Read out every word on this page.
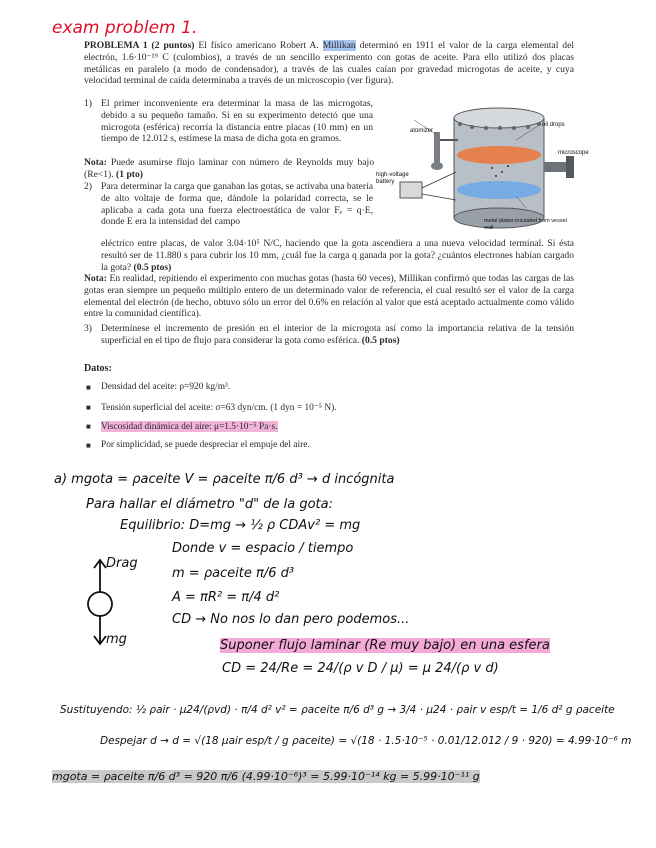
exam problem 1.
PROBLEMA 1 (2 puntos) El físico americano Robert A. Millikan determinó en 1911 el valor de la carga elemental del electrón, 1.6·10⁻¹⁹ C (culombios), a través de un sencillo experimento con gotas de aceite. Para ello utilizó dos placas metálicas en paralelo (a modo de condensador), a través de las cuales caían por gravedad microgotas de aceite, y cuya velocidad terminal de caída determinaba a través de un microscopio (ver figura).
1) El primer inconveniente era determinar la masa de las microgotas, debido a su pequeño tamaño. Si en su experimento detectó que una microgota (esférica) recorría la distancia entre placas (10 mm) en un tiempo de 12.012 s, estímese la masa de dicha gota en gramos.
Nota: Puede asumirse flujo laminar con número de Reynolds muy bajo (Re<1). (1 pto)
2) Para determinar la carga que ganaban las gotas, se activaba una batería de alto voltaje de forma que, dándole la polaridad correcta, se le aplicaba a cada gota una fuerza electroestática de valor Fₑ = q·E, donde E era la intensidad del campo
eléctrico entre placas, de valor 3.04·10⁵ N/C, haciendo que la gota ascendiera a una nueva velocidad terminal. Si ésta resultó ser de 11.880 s para cubrir los 10 mm, ¿cuál fue la carga q ganada por la gota? ¿cuántos electrones habían cargado la gota? (0.5 ptos)
Nota: En realidad, repitiendo el experimento con muchas gotas (hasta 60 veces), Millikan confirmó que todas las cargas de las gotas eran siempre un pequeño múltiplo entero de un determinado valor de referencia, el cual resultó ser el valor de la carga elemental del electrón (de hecho, obtuvo sólo un error del 0.6% en relación al valor que está aceptado actualmente como válido entre la comunidad científica).
3) Determínese el incremento de presión en el interior de la microgota así como la importancia relativa de la tensión superficial en el tipo de flujo para considerar la gota como esférica. (0.5 ptos)
atomizer
oil drops
microscope
high-voltage battery
metal plates insulated from vessel wall
Datos:
■ Densidad del aceite: ρ=920 kg/m³.
■ Tensión superficial del aceite: σ=63 dyn/cm. (1 dyn = 10⁻⁵ N).
■ Viscosidad dinámica del aire: μ=1.5·10⁻⁵ Pa·s.
■ Por simplicidad, se puede despreciar el empuje del aire.
a) mgota = ρaceite V = ρaceite π/6 d³ → d incógnita
Para hallar el diámetro "d" de la gota:
Equilibrio: D=mg → ½ ρ CDAv² = mg
Donde v = espacio / tiempo
m = ρaceite π/6 d³
A = πR² = π/4 d²
CD → No nos lo dan pero podemos...
Suponer flujo laminar (Re muy bajo) en una esfera
CD = 24/Re = 24/(ρ v D / μ) = μ 24/(ρ v d)
Sustituyendo: ½ ρair · μ24/(ρvd) · π/4 d² v² = ρaceite π/6 d³ g → 3/4 · μ24 · ρair v esp/t = 1/6 d² g ρaceite
Despejar d → d = √(18 μair esp/t / g ρaceite) = √(18 · 1.5·10⁻⁵ · 0.01/12.012 / 9 · 920) = 4.99·10⁻⁶ m
mgota = ρaceite π/6 d³ = 920 π/6 (4.99·10⁻⁶)³ = 5.99·10⁻¹⁴ kg = 5.99·10⁻¹¹ g
Drag
mg
